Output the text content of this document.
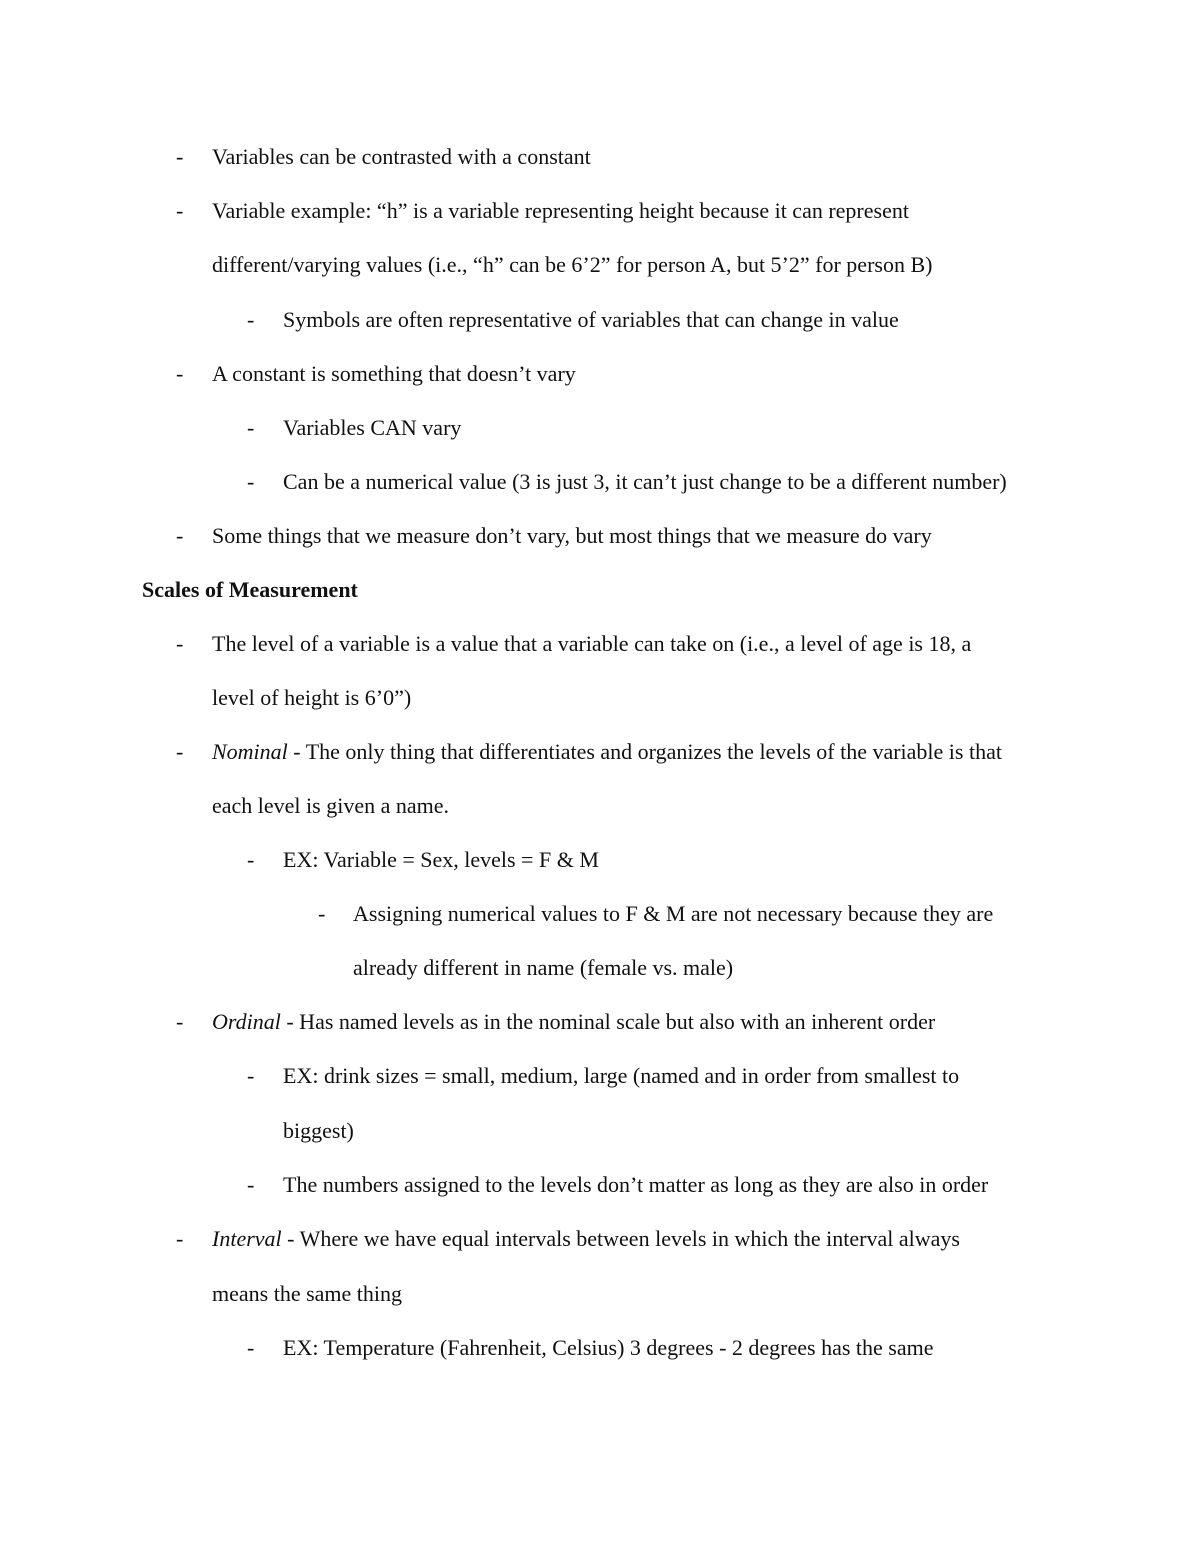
- Variables can be contrasted with a constant
- Variable example: “h” is a variable representing height because it can represent
different/varying values (i.e., “h” can be 6’2” for person A, but 5’2” for person B)
- Symbols are often representative of variables that can change in value
- A constant is something that doesn’t vary
- Variables CAN vary
- Can be a numerical value (3 is just 3, it can’t just change to be a different number)
- Some things that we measure don’t vary, but most things that we measure do vary
Scales of Measurement
- The level of a variable is a value that a variable can take on (i.e., a level of age is 18, a
level of height is 6’0”)
- Nominal - The only thing that differentiates and organizes the levels of the variable is that
each level is given a name.
- EX: Variable = Sex, levels = F & M
- Assigning numerical values to F & M are not necessary because they are
already different in name (female vs. male)
- Ordinal - Has named levels as in the nominal scale but also with an inherent order
- EX: drink sizes = small, medium, large (named and in order from smallest to
biggest)
- The numbers assigned to the levels don’t matter as long as they are also in order
- Interval - Where we have equal intervals between levels in which the interval always
means the same thing
- EX: Temperature (Fahrenheit, Celsius) 3 degrees - 2 degrees has the same
